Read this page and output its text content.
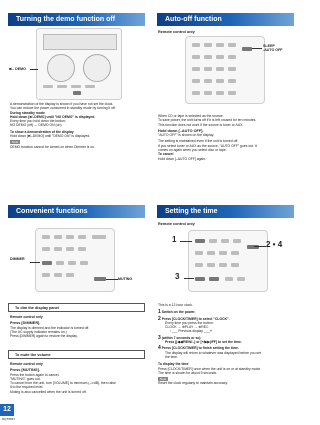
Turning the demo function off
■/– DEMO
A demonstration of the display is shown if you have not set the clock.
You can reduce the power consumed in standby mode by turning it off.
During standby mode
Hold down [■/–DEMO] until "NO DEMO" is displayed.
Every time you hold down the button:
NO DEMO (off) ↔ DEMO ON (on)
To show a demonstration of the display
Hold down [■/–DEMO] until "DEMO ON" is displayed.
Note
DEMO function cannot be turned on when Dimmer is on.
Auto-off function
Remote control only
SLEEP
-AUTO OFF
When CD or tape is selected as the source:
To save power, the unit turns off if it is left unused for ten minutes.
This function does not work if the source is tuner or AUX.
Hold down [–AUTO OFF].
"AUTO OFF" is shown on the display.
The setting is maintained even if the unit is turned off.
If you select tuner or AUX as the source, "AUTO OFF" goes out. It
comes on again when you select disc or tape.
To cancel
Hold down [–AUTO OFF] again.
Convenient functions
DIMMER
MUTING
To dim the display panel
Remote control only
Press [DIMMER].
The display is dimmed and the indicator is turned off.
(The AC supply indicator remains on.)
Press [DIMMER] again to restore the display.
To mute the volume
Remote control only
Press [MUTING].
Press the button again to cancel.
"MUTING" goes out.
To cancel from the unit, turn [VOLUME] to minimum (–∞dB), then raise
it to the required level.
Muting is also cancelled when the unit is turned off.
Setting the time
Remote control only
1
2 • 4
3
This is a 12-hour clock.
1 Switch on the power.
2 Press [CLOCK/TIMER] to select "CLOCK".
Every time you press the button:
CLOCK → ⊕PLAY → ⊕REC
↑___ Previous display ___↵
3 (within 7 seconds or so)
Press [|◀◀/REW/–] or [+/▶▶|/FF] to set the time.
4 Press [CLOCK/TIMER] to finish setting the time.
The display will return to whatever was displayed before you set
the time.
To display the time
Press [CLOCK/TIMER] once when the unit is on or at standby mode.
The time is shown for about 5 seconds.
Note
Reset the clock regularly to maintain accuracy.
12
RQT6837
